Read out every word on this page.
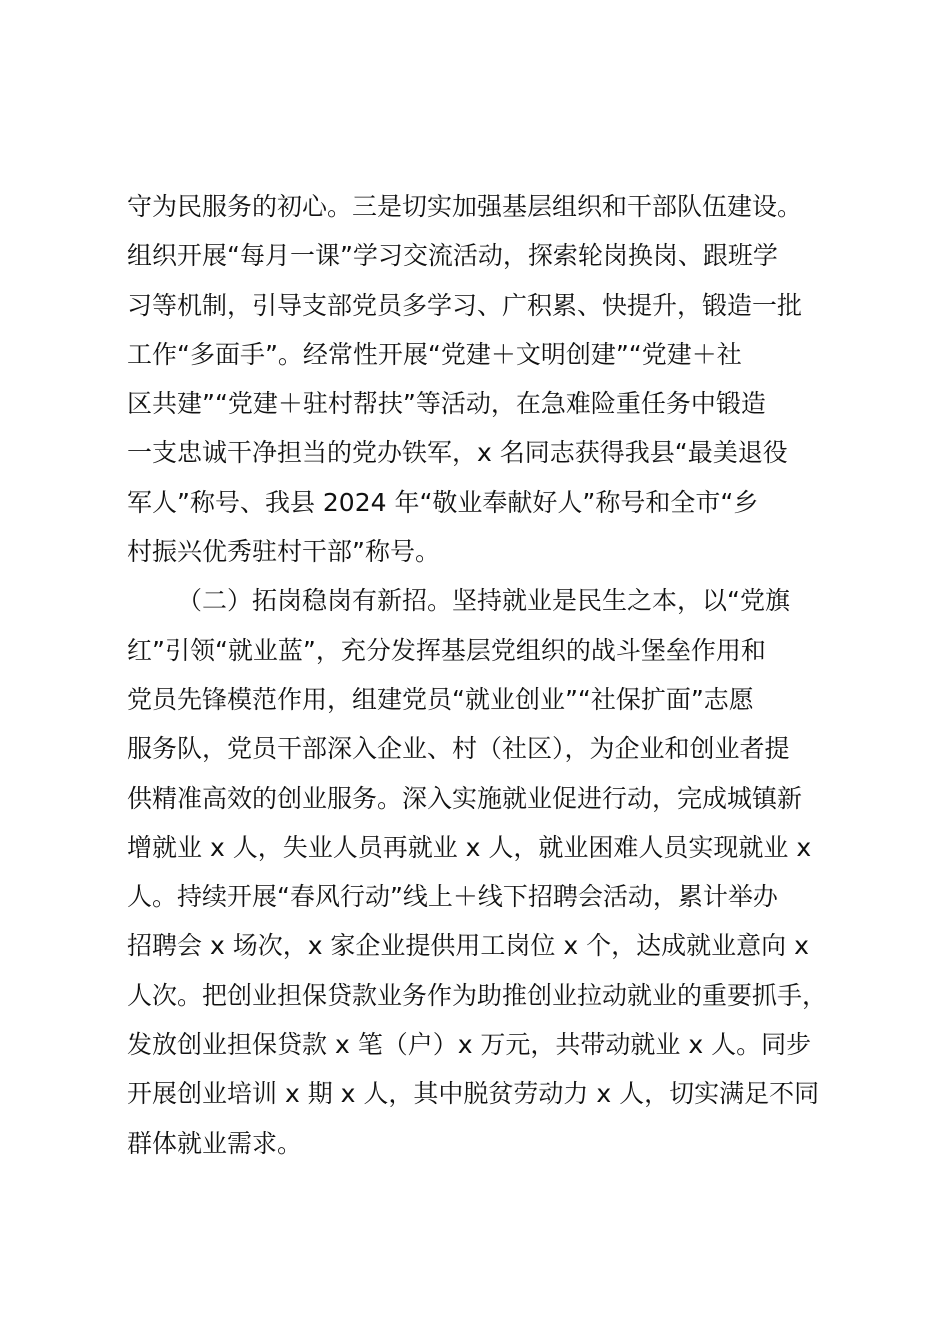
守为民服务的初心。三是切实加强基层组织和干部队伍建设。

组织开展“每月一课”学习交流活动，探索轮岗换岗、跟班学

习等机制，引导支部党员多学习、广积累、快提升，锻造一批

工作“多面手”。经常性开展“党建＋文明创建”“党建＋社

区共建”“党建＋驻村帮扶”等活动，在急难险重任务中锻造

一支忠诚干净担当的党办铁军，x 名同志获得我县“最美退役

军人”称号、我县 2024 年“敬业奉献好人”称号和全市“乡

村振兴优秀驻村干部”称号。

（二）拓岗稳岗有新招。坚持就业是民生之本，以“党旗

红”引领“就业蓝”，充分发挥基层党组织的战斗堡垒作用和

党员先锋模范作用，组建党员“就业创业”“社保扩面”志愿

服务队，党员干部深入企业、村（社区），为企业和创业者提

供精准高效的创业服务。深入实施就业促进行动，完成城镇新

增就业 x 人，失业人员再就业 x 人，就业困难人员实现就业 x

人。持续开展“春风行动”线上＋线下招聘会活动，累计举办

招聘会 x 场次，x 家企业提供用工岗位 x 个，达成就业意向 x

人次。把创业担保贷款业务作为助推创业拉动就业的重要抓手，

发放创业担保贷款 x 笔（户）x 万元，共带动就业 x 人。同步

开展创业培训 x 期 x 人，其中脱贫劳动力 x 人，切实满足不同

群体就业需求。
